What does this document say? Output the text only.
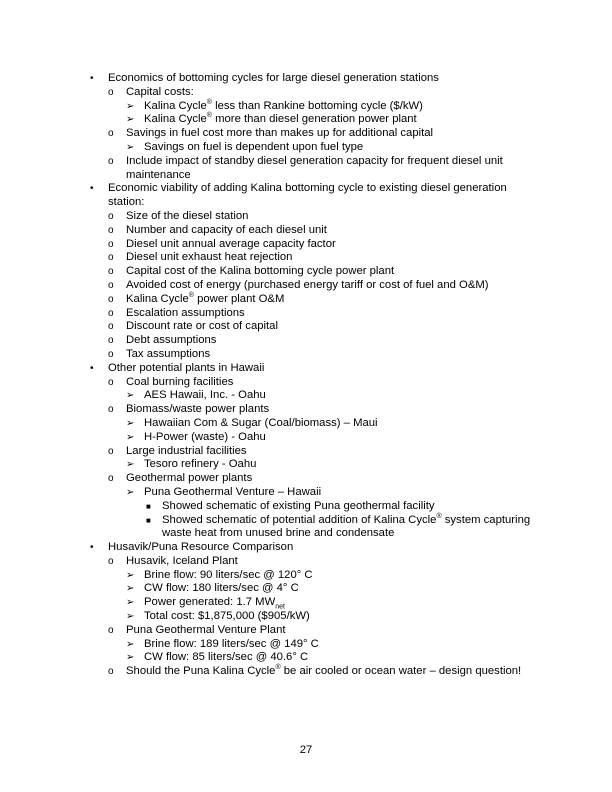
• Economics of bottoming cycles for large diesel generation stations
o Capital costs:
➢ Kalina Cycle® less than Rankine bottoming cycle ($/kW)
➢ Kalina Cycle® more than diesel generation power plant
o Savings in fuel cost more than makes up for additional capital
➢ Savings on fuel is dependent upon fuel type
o Include impact of standby diesel generation capacity for frequent diesel unit maintenance
• Economic viability of adding Kalina bottoming cycle to existing diesel generation station:
o Size of the diesel station
o Number and capacity of each diesel unit
o Diesel unit annual average capacity factor
o Diesel unit exhaust heat rejection
o Capital cost of the Kalina bottoming cycle power plant
o Avoided cost of energy (purchased energy tariff or cost of fuel and O&M)
o Kalina Cycle® power plant O&M
o Escalation assumptions
o Discount rate or cost of capital
o Debt assumptions
o Tax assumptions
• Other potential plants in Hawaii
o Coal burning facilities
➢ AES Hawaii, Inc. - Oahu
o Biomass/waste power plants
➢ Hawaiian Com & Sugar (Coal/biomass) – Maui
➢ H-Power (waste) - Oahu
o Large industrial facilities
➢ Tesoro refinery - Oahu
o Geothermal power plants
➢ Puna Geothermal Venture – Hawaii
■ Showed schematic of existing Puna geothermal facility
■ Showed schematic of potential addition of Kalina Cycle® system capturing waste heat from unused brine and condensate
• Husavik/Puna Resource Comparison
o Husavik, Iceland Plant
➢ Brine flow: 90 liters/sec @ 120° C
➢ CW flow: 180 liters/sec @ 4° C
➢ Power generated: 1.7 $MW_{net}$
➢ Total cost: $1,875,000 ($905/kW)
o Puna Geothermal Venture Plant
➢ Brine flow: 189 liters/sec @ 149° C
➢ CW flow: 85 liters/sec @ 40.6° C
o Should the Puna Kalina Cycle® be air cooled or ocean water – design question!
27
